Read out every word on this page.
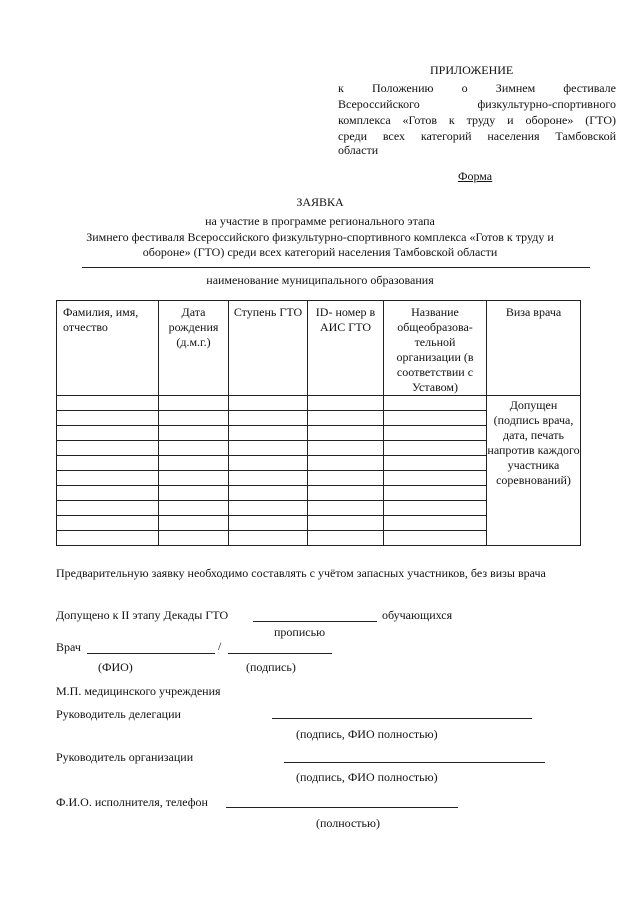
ПРИЛОЖЕНИЕ
к Положению о Зимнем фестивале
Всероссийского физкультурно-спортивного
комплекса «Готов к труду и обороне» (ГТО)
среди всех категорий населения Тамбовской
области
Форма
ЗАЯВКА
на участие в программе регионального этапа
Зимнего фестиваля Всероссийского физкультурно-спортивного комплекса «Готов к труду и
обороне» (ГТО) среди всех категорий населения Тамбовской области
наименование муниципального образования
Фамилия, имя, отчество	Дата рождения (д.м.г.)	Ступень ГТО	ID- номер в АИС ГТО	Название общеобразова- тельной организации (в соответствии с Уставом)	Виза врача
					Допущен (подпись врача, дата, печать напротив каждого участника соревнований)

Предварительную заявку необходимо составлять с учётом запасных участников, без визы врача
Допущено к II этапу Декады ГТО	обучающихся
прописью
Врач	/
(ФИО)	(подпись)
М.П. медицинского учреждения
Руководитель делегации
(подпись, ФИО полностью)
Руководитель организации
(подпись, ФИО полностью)
Ф.И.О. исполнителя, телефон
(полностью)
